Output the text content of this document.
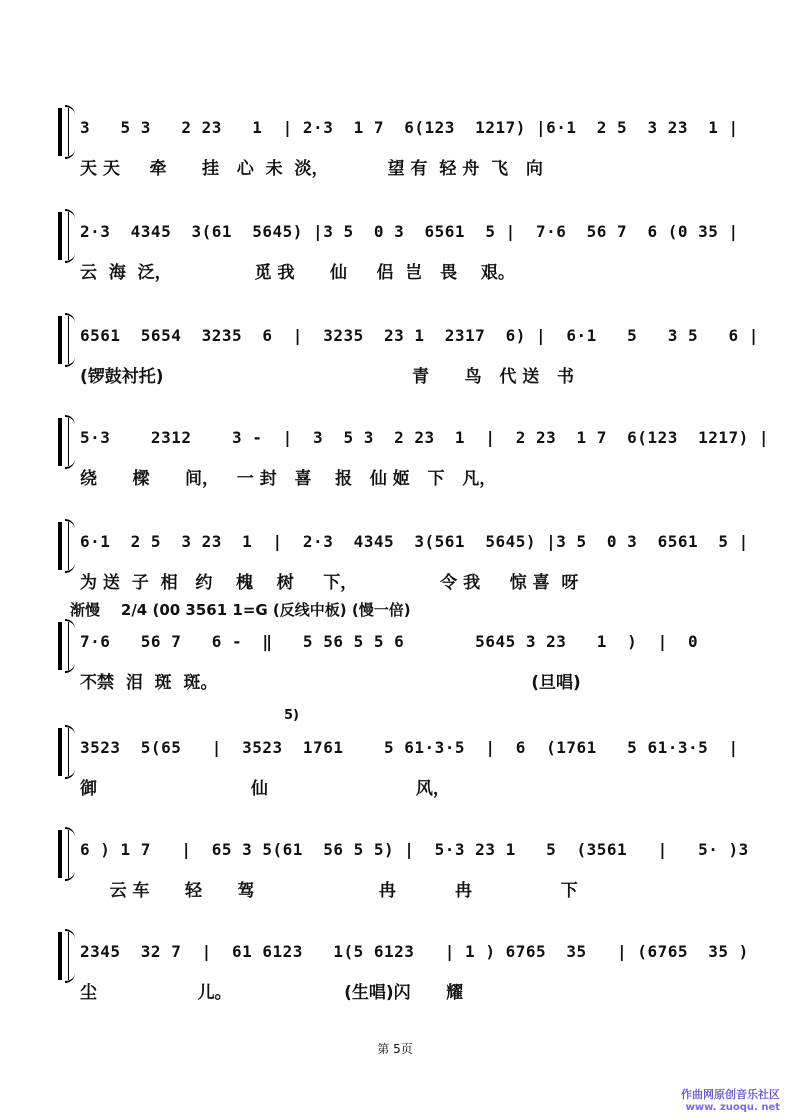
3   5 3   2 23   1  | 2·3  1 7  6(123  1217) |6·1  2 5  3 23  1 |
天 天     牵      挂   心  未  淡，          望 有  轻 舟  飞   向
2·3  4345  3(61  5645) |3 5  0 3  6561  5 |  7·6  56 7  6 (0 35 |
云  海  泛，              觅 我      仙     侣  岂   畏    艰。
6561  5654  3235  6  |  3235  23 1  2317  6) |  6·1   5   3 5   6 |
(锣鼓衬托)                                          青      鸟   代 送   书
5·3    2312    3 -  |  3  5 3  2 23  1  |  2 23  1 7  6(123  1217) |
绕      樑      间，   一 封   喜    报   仙 姬   下   凡，
6·1  2 5  3 23  1  |  2·3  4345  3(561  5645) |3 5  0 3  6561  5 |
为 送  子  相   约    槐    树     下，              令 我     惊 喜  呀
渐慢    2/4 (00 3561 1=G (反线中板) (慢一倍)
7·6   56 7   6 -  ‖   5 56 5 5 6       5645 3 23   1  )  |  0
不禁  泪  斑  斑。                                                     (旦唱)
5)
3523  5(65   |  3523  1761    5 61·3·5  |  6  (1761   5 61·3·5  |
御                          仙                         风，
6 ) 1 7   |  65 3 5(61  56 5 5) |  5·3 23 1   5  (3561   |   5· )3
云 车      轻      驾                     冉          冉               下
2345  32 7  |  61 6123   1(5 6123   | 1 ) 6765  35   | (6765  35 )
尘                 儿。                   (生唱)闪      耀
第 5页
作曲网原创音乐社区
www. zuoqu. net
